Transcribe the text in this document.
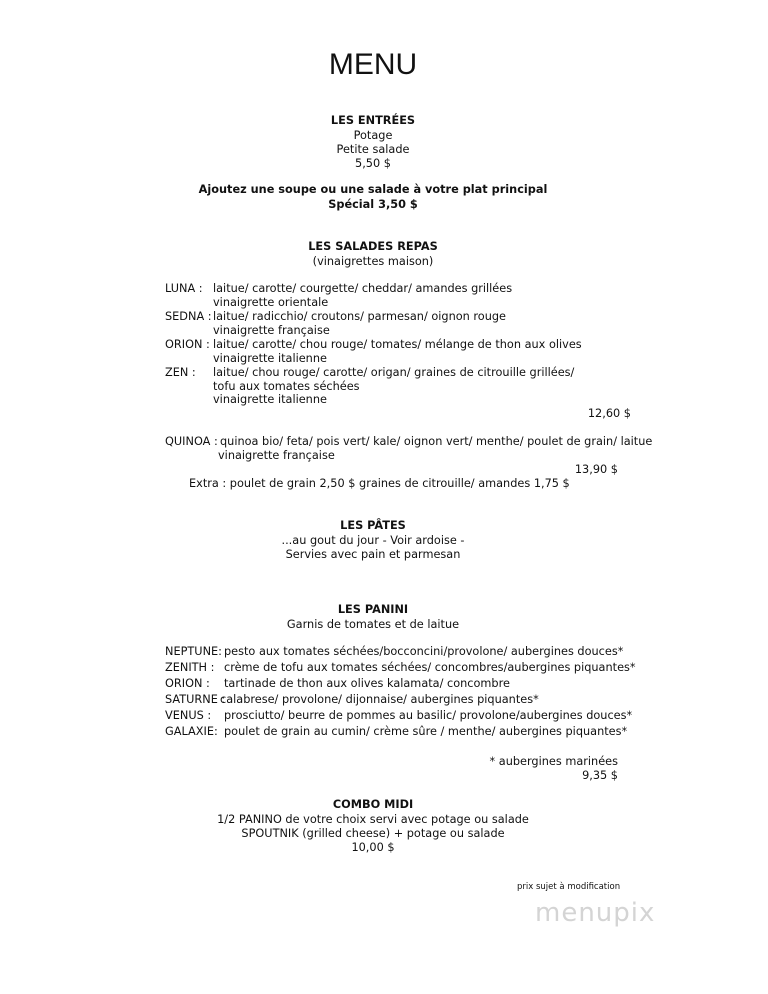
MENU
LES ENTRÉES
Potage
Petite salade
5,50 $
Ajoutez une soupe ou une salade à votre plat principal
Spécial 3,50 $
LES SALADES REPAS
(vinaigrettes maison)
LUNA : laitue/ carotte/ courgette/ cheddar/ amandes grillées
vinaigrette orientale
SEDNA : laitue/ radicchio/ croutons/ parmesan/ oignon rouge
vinaigrette française
ORION : laitue/ carotte/ chou rouge/ tomates/ mélange de thon aux olives
vinaigrette italienne
ZEN : laitue/ chou rouge/ carotte/ origan/ graines de citrouille grillées/
tofu aux tomates séchées
vinaigrette italienne
12,60 $
QUINOA : quinoa bio/ feta/ pois vert/ kale/ oignon vert/ menthe/ poulet de grain/ laitue
vinaigrette française
13,90 $
Extra : poulet de grain 2,50 $ graines de citrouille/ amandes 1,75 $
LES PÂTES
...au gout du jour - Voir ardoise -
Servies avec pain et parmesan
LES PANINI
Garnis de tomates et de laitue
NEPTUNE: pesto aux tomates séchées/bocconcini/provolone/ aubergines douces*
ZENITH : crème de tofu aux tomates séchées/ concombres/aubergines piquantes*
ORION : tartinade de thon aux olives kalamata/ concombre
SATURNE :
calabrese/ provolone/ dijonnaise/ aubergines piquantes*
VENUS : prosciutto/ beurre de pommes au basilic/ provolone/aubergines douces*
GALAXIE: poulet de grain au cumin/ crème sûre / menthe/ aubergines piquantes*
* aubergines marinées
9,35 $
COMBO MIDI
1/2 PANINO de votre choix servi avec potage ou salade
SPOUTNIK (grilled cheese) + potage ou salade
10,00 $
prix sujet à modification
menupix
